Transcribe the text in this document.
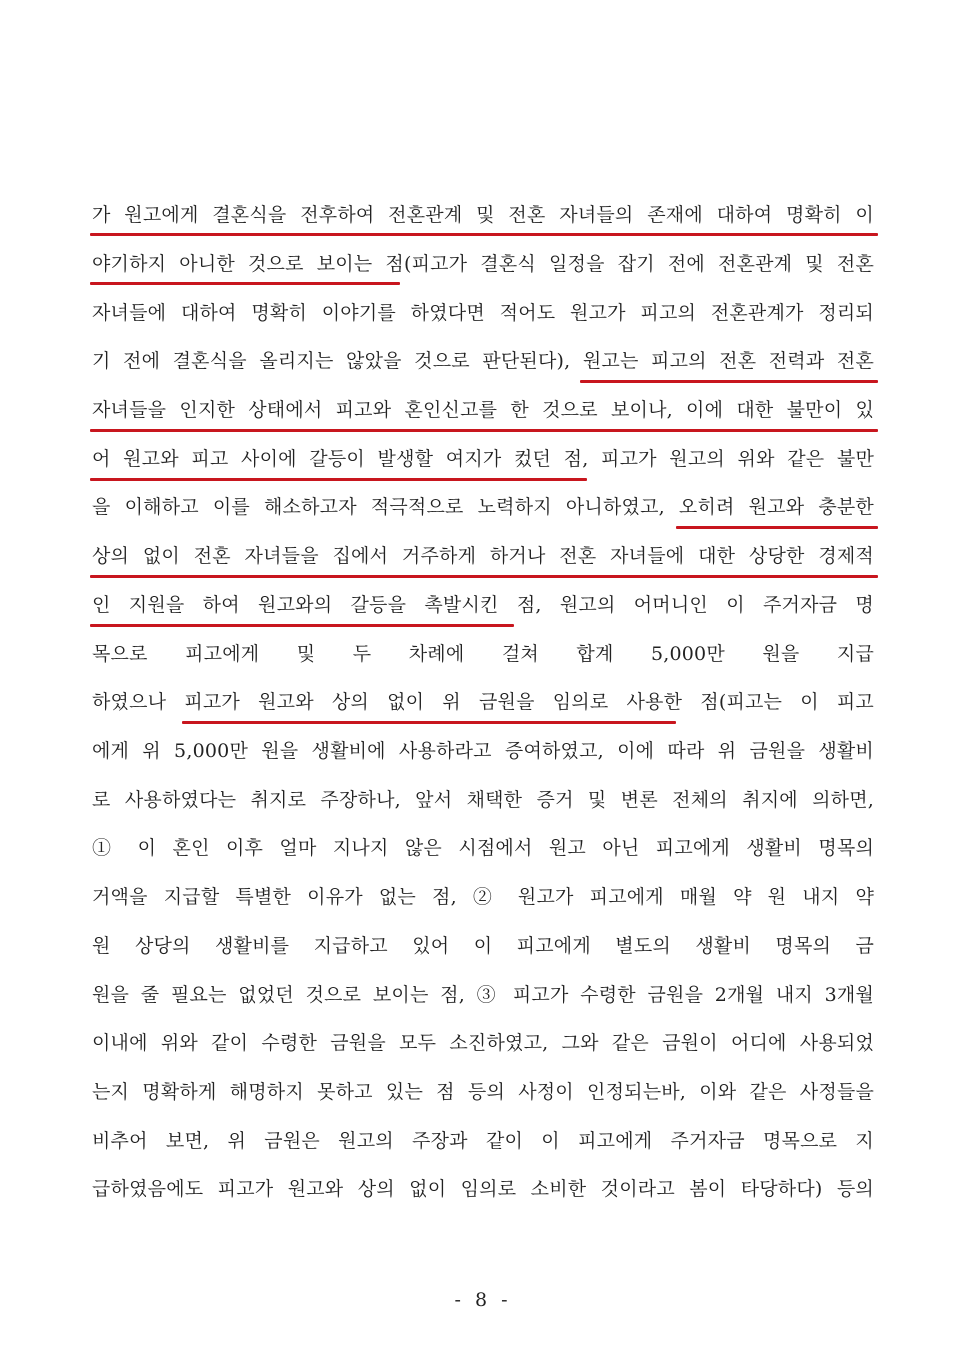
가 원고에게 결혼식을 전후하여 전혼관계 및 전혼 자녀들의 존재에 대하여 명확히 이
야기하지 아니한 것으로 보이는 점(피고가 결혼식 일정을 잡기 전에 전혼관계 및 전혼
자녀들에 대하여 명확히 이야기를 하였다면 적어도 원고가 피고의 전혼관계가 정리되
기 전에 결혼식을 올리지는 않았을 것으로 판단된다), 원고는 피고의 전혼 전력과 전혼
자녀들을 인지한 상태에서 피고와 혼인신고를 한 것으로 보이나, 이에 대한 불만이 있
어 원고와 피고 사이에 갈등이 발생할 여지가 컸던 점, 피고가 원고의 위와 같은 불만
을 이해하고 이를 해소하고자 적극적으로 노력하지 아니하였고, 오히려 원고와 충분한
상의 없이 전혼 자녀들을 집에서 거주하게 하거나 전혼 자녀들에 대한 상당한 경제적
인 지원을 하여 원고와의 갈등을 촉발시킨 점, 원고의 어머니인 이 주거자금 명
목으로 피고에게 및 두 차례에 걸쳐 합계 5,000만 원을 지급
하였으나 피고가 원고와 상의 없이 위 금원을 임의로 사용한 점(피고는 이 피고
에게 위 5,000만 원을 생활비에 사용하라고 증여하였고, 이에 따라 위 금원을 생활비
로 사용하였다는 취지로 주장하나, 앞서 채택한 증거 및 변론 전체의 취지에 의하면,
① 이 혼인 이후 얼마 지나지 않은 시점에서 원고 아닌 피고에게 생활비 명목의
거액을 지급할 특별한 이유가 없는 점, ② 원고가 피고에게 매월 약 원 내지 약
원 상당의 생활비를 지급하고 있어 이 피고에게 별도의 생활비 명목의 금
원을 줄 필요는 없었던 것으로 보이는 점, ③ 피고가 수령한 금원을 2개월 내지 3개월
이내에 위와 같이 수령한 금원을 모두 소진하였고, 그와 같은 금원이 어디에 사용되었
는지 명확하게 해명하지 못하고 있는 점 등의 사정이 인정되는바, 이와 같은 사정들을
비추어 보면, 위 금원은 원고의 주장과 같이 이 피고에게 주거자금 명목으로 지
급하였음에도 피고가 원고와 상의 없이 임의로 소비한 것이라고 봄이 타당하다) 등의
- 8 -
